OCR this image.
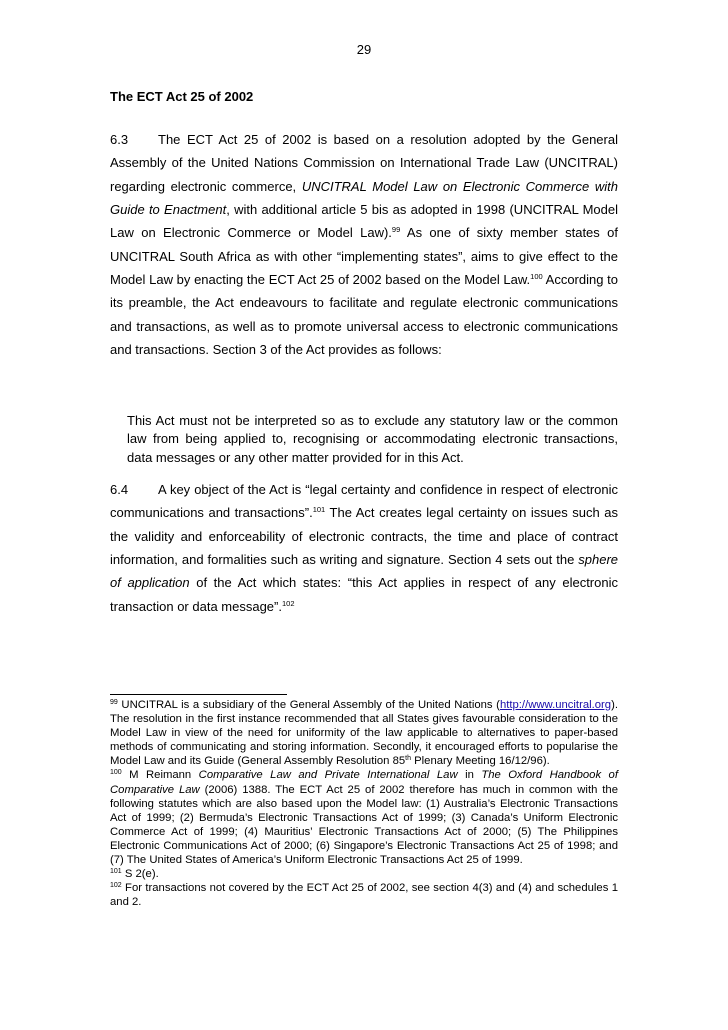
29
The ECT Act 25 of 2002

6.3 The ECT Act 25 of 2002 is based on a resolution adopted by the General Assembly of the United Nations Commission on International Trade Law (UNCITRAL) regarding electronic commerce, UNCITRAL Model Law on Electronic Commerce with Guide to Enactment, with additional article 5 bis as adopted in 1998 (UNCITRAL Model Law on Electronic Commerce or Model Law).$^{99}$ As one of sixty member states of UNCITRAL South Africa as with other “implementing states”, aims to give effect to the Model Law by enacting the ECT Act 25 of 2002 based on the Model Law.$^{100}$ According to its preamble, the Act endeavours to facilitate and regulate electronic communications and transactions, as well as to promote universal access to electronic communications and transactions. Section 3 of the Act provides as follows:

This Act must not be interpreted so as to exclude any statutory law or the common law from being applied to, recognising or accommodating electronic transactions, data messages or any other matter provided for in this Act.

6.4 A key object of the Act is “legal certainty and confidence in respect of electronic communications and transactions”.$^{101}$ The Act creates legal certainty on issues such as the validity and enforceability of electronic contracts, the time and place of contract information, and formalities such as writing and signature. Section 4 sets out the sphere of application of the Act which states: “this Act applies in respect of any electronic transaction or data message”.$^{102}$

$^{99}$ UNCITRAL is a subsidiary of the General Assembly of the United Nations (http://www.uncitral.org). The resolution in the first instance recommended that all States gives favourable consideration to the Model Law in view of the need for uniformity of the law applicable to alternatives to paper-based methods of communicating and storing information. Secondly, it encouraged efforts to popularise the Model Law and its Guide (General Assembly Resolution 85th Plenary Meeting 16/12/96).

$^{100}$ M Reimann Comparative Law and Private International Law in The Oxford Handbook of Comparative Law (2006) 1388. The ECT Act 25 of 2002 therefore has much in common with the following statutes which are also based upon the Model law: (1) Australia’s Electronic Transactions Act of 1999; (2) Bermuda’s Electronic Transactions Act of 1999; (3) Canada’s Uniform Electronic Commerce Act of 1999; (4) Mauritius’ Electronic Transactions Act of 2000; (5) The Philippines Electronic Communications Act of 2000; (6) Singapore’s Electronic Transactions Act 25 of 1998; and (7) The United States of America’s Uniform Electronic Transactions Act 25 of 1999.

$^{101}$ S 2(e).

$^{102}$ For transactions not covered by the ECT Act 25 of 2002, see section 4(3) and (4) and schedules 1 and 2.
